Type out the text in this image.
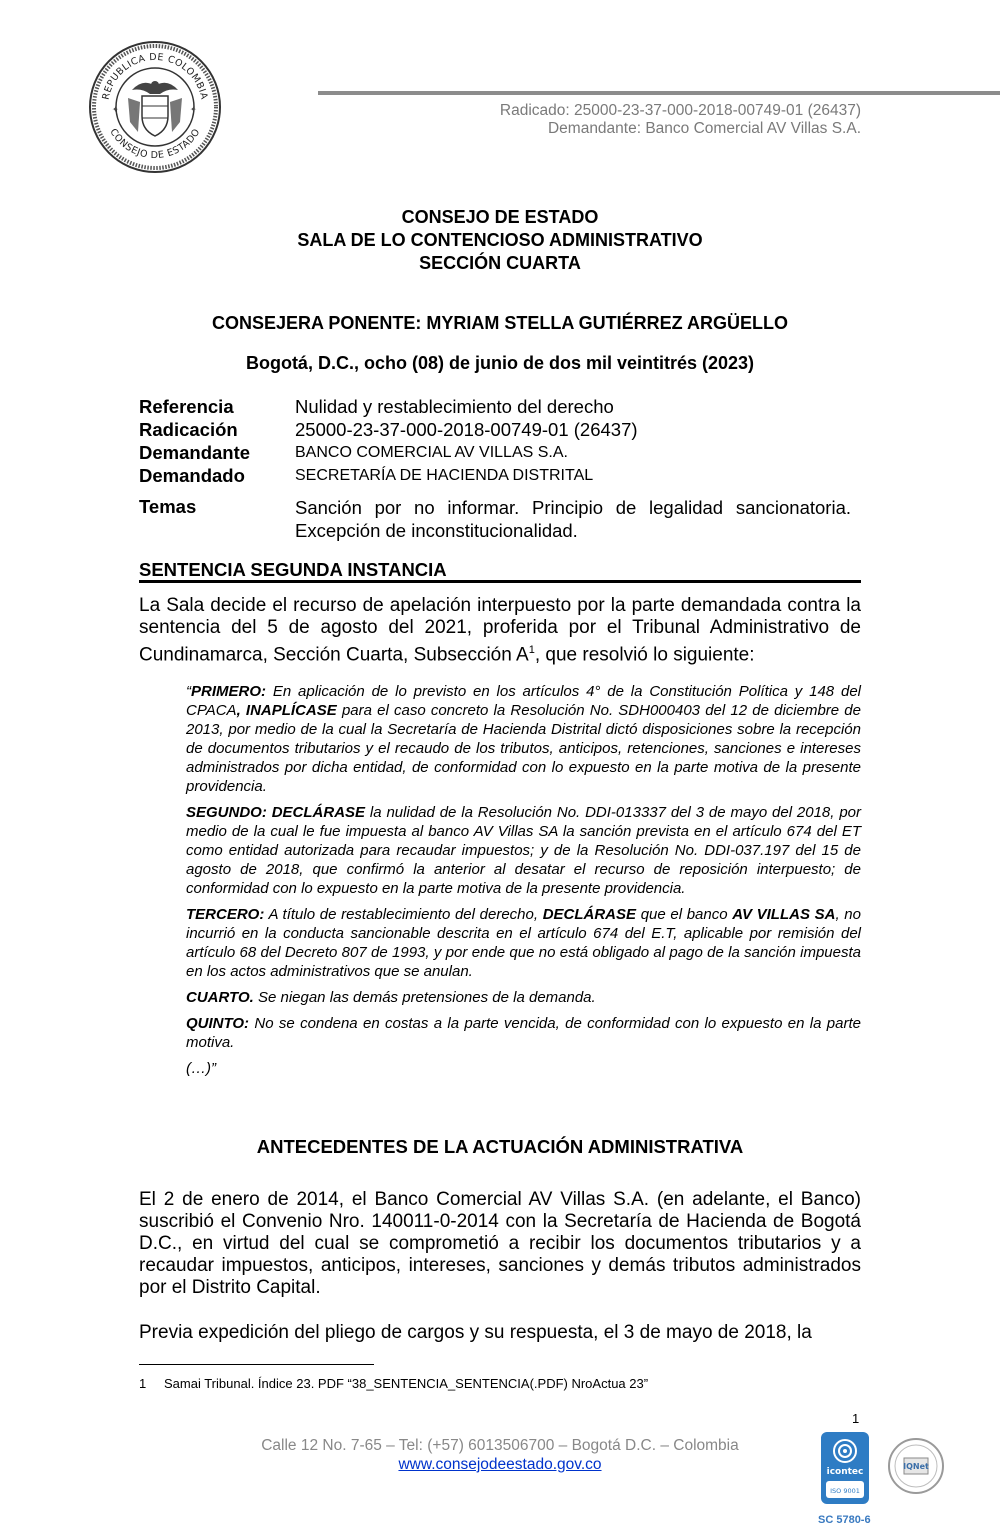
REPUBLICA DE COLOMBIA
CONSEJO DE ESTADO
✦	✦	Radicado: 25000-23-37-000-2018-00749-01 (26437)
Demandante: Banco Comercial AV Villas S.A.
CONSEJO DE ESTADO
SALA DE LO CONTENCIOSO ADMINISTRATIVO
SECCIÓN CUARTA
CONSEJERA PONENTE: MYRIAM STELLA GUTIÉRREZ ARGÜELLO
Bogotá, D.C., ocho (08) de junio de dos mil veintitrés (2023)
Referencia	Nulidad y restablecimiento del derecho
Radicación	25000-23-37-000-2018-00749-01 (26437)
Demandante	BANCO COMERCIAL AV VILLAS S.A.
Demandado	SECRETARÍA DE HACIENDA DISTRITAL
Temas	Sanción por no informar. Principio de legalidad sancionatoria. Excepción de inconstitucionalidad.
SENTENCIA SEGUNDA INSTANCIA
La Sala decide el recurso de apelación interpuesto por la parte demandada contra la sentencia del 5 de agosto del 2021, proferida por el Tribunal Administrativo de Cundinamarca, Sección Cuarta, Subsección $A^1$, que resolvió lo siguiente:

“PRIMERO: En aplicación de lo previsto en los artículos 4° de la Constitución Política y 148 del CPACA, INAPLÍCASE para el caso concreto la Resolución No. SDH000403 del 12 de diciembre de 2013, por medio de la cual la Secretaría de Hacienda Distrital dictó disposiciones sobre la recepción de documentos tributarios y el recaudo de los tributos, anticipos, retenciones, sanciones e intereses administrados por dicha entidad, de conformidad con lo expuesto en la parte motiva de la presente providencia.

SEGUNDO: DECLÁRASE la nulidad de la Resolución No. DDI-013337 del 3 de mayo del 2018, por medio de la cual le fue impuesta al banco AV Villas SA la sanción prevista en el artículo 674 del ET como entidad autorizada para recaudar impuestos; y de la Resolución No. DDI-037.197 del 15 de agosto de 2018, que confirmó la anterior al desatar el recurso de reposición interpuesto; de conformidad con lo expuesto en la parte motiva de la presente providencia.

TERCERO: A título de restablecimiento del derecho, DECLÁRASE que el banco AV VILLAS SA, no incurrió en la conducta sancionable descrita en el artículo 674 del E.T, aplicable por remisión del artículo 68 del Decreto 807 de 1993, y por ende que no está obligado al pago de la sanción impuesta en los actos administrativos que se anulan.

CUARTO. Se niegan las demás pretensiones de la demanda.

QUINTO: No se condena en costas a la parte vencida, de conformidad con lo expuesto en la parte motiva.

(…)”

ANTECEDENTES DE LA ACTUACIÓN ADMINISTRATIVA

El 2 de enero de 2014, el Banco Comercial AV Villas S.A. (en adelante, el Banco) suscribió el Convenio Nro. 140011-0-2014 con la Secretaría de Hacienda de Bogotá D.C., en virtud del cual se comprometió a recibir los documentos tributarios y a recaudar impuestos, anticipos, intereses, sanciones y demás tributos administrados por el Distrito Capital.

Previa expedición del pliego de cargos y su respuesta, el 3 de mayo de 2018, la

1 Samai Tribunal. Índice 23. PDF “38_SENTENCIA_SENTENCIA(.PDF) NroActua 23”
1
Calle 12 No. 7-65 – Tel: (+57) 6013506700 – Bogotá D.C. – Colombia
www.consejodeestado.gov.co	icontec
ISO 9001
IQNet
SC 5780-6
